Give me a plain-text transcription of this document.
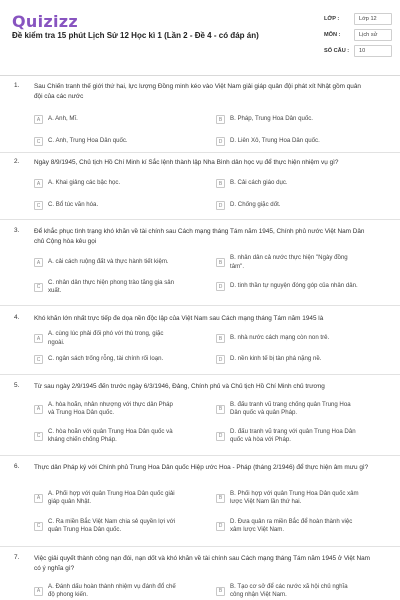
Quizizz
Đề kiểm tra 15 phút Lịch Sử 12 Học kì 1 (Lần 2 - Đề 4 - có đáp án)
LỚP :	Lớp 12
MÔN :	Lịch sử
SỐ CÂU :	10
1. Sau Chiến tranh thế giới thứ hai, lực lượng Đồng minh kéo vào Việt Nam giải giáp quân đội phát xít Nhật gồm quân đội của các nước
A	A. Anh, Mĩ.	B	B. Pháp, Trung Hoa Dân quốc.
C	C. Anh, Trung Hoa Dân quốc.	D	D. Liên Xô, Trung Hoa Dân quốc.
2. Ngày 8/9/1945, Chủ tịch Hồ Chí Minh kí Sắc lệnh thành lập Nha Bình dân học vụ để thực hiện nhiệm vụ gì?
A	A. Khai giảng các bậc học.	B	B. Cải cách giáo dục.
C	C. Bổ túc văn hóa.	D	D. Chống giặc dốt.
3. Để khắc phục tình trạng khó khăn về tài chính sau Cách mạng tháng Tám năm 1945, Chính phủ nước Việt Nam Dân chủ Cộng hòa kêu gọi
A	A. cải cách ruộng đất và thực hành tiết kiệm.	B
B. nhân dân cả nước thực hiện "Ngày đồng tâm".
C
C. nhân dân thực hiện phong trào tăng gia sản xuất.
D	D. tinh thần tự nguyện đóng góp của nhân dân.
4. Khó khăn lớn nhất trực tiếp đe dọa nền độc lập của Việt Nam sau Cách mạng tháng Tám năm 1945 là
A
A. cùng lúc phải đối phó với thù trong, giặc ngoài.	B	B. nhà nước cách mạng còn non trẻ.
C	C. ngân sách trống rỗng, tài chính rối loạn.	D	D. nền kinh tế bị tàn phá nặng nề.
5. Từ sau ngày 2/9/1945 đến trước ngày 6/3/1946, Đảng, Chính phủ và Chủ tịch Hồ Chí Minh chủ trương
A
A. hòa hoãn, nhân nhượng với thực dân Pháp và Trung Hoa Dân quốc.	B
B. đấu tranh vũ trang chống quân Trung Hoa Dân quốc và quân Pháp.
C
C. hòa hoãn với quân Trung Hoa Dân quốc và kháng chiến chống Pháp.	D
D. đấu tranh vũ trang với quân Trung Hoa Dân quốc và hòa với Pháp.
6. Thực dân Pháp ký với Chính phủ Trung Hoa Dân quốc Hiệp ước Hoa - Pháp (tháng 2/1946) để thực hiện âm mưu gì?
A
A. Phối hợp với quân Trung Hoa Dân quốc giải giáp quân Nhật.	B
B. Phối hợp với quân Trung Hoa Dân quốc xâm lược Việt Nam lần thứ hai.
C
C. Ra miền Bắc Việt Nam chia sẻ quyền lợi với quân Trung Hoa Dân quốc.	D
D. Đưa quân ra miền Bắc để hoàn thành việc xâm lược Việt Nam.
7. Việc giải quyết thành công nạn đói, nạn dốt và khó khăn về tài chính sau Cách mạng tháng Tám năm 1945 ở Việt Nam có ý nghĩa gì?
A
A. Đánh dấu hoàn thành nhiệm vụ đánh đổ chế độ phong kiến.	B
B. Tạo cơ sở để các nước xã hội chủ nghĩa công nhận Việt Nam.
